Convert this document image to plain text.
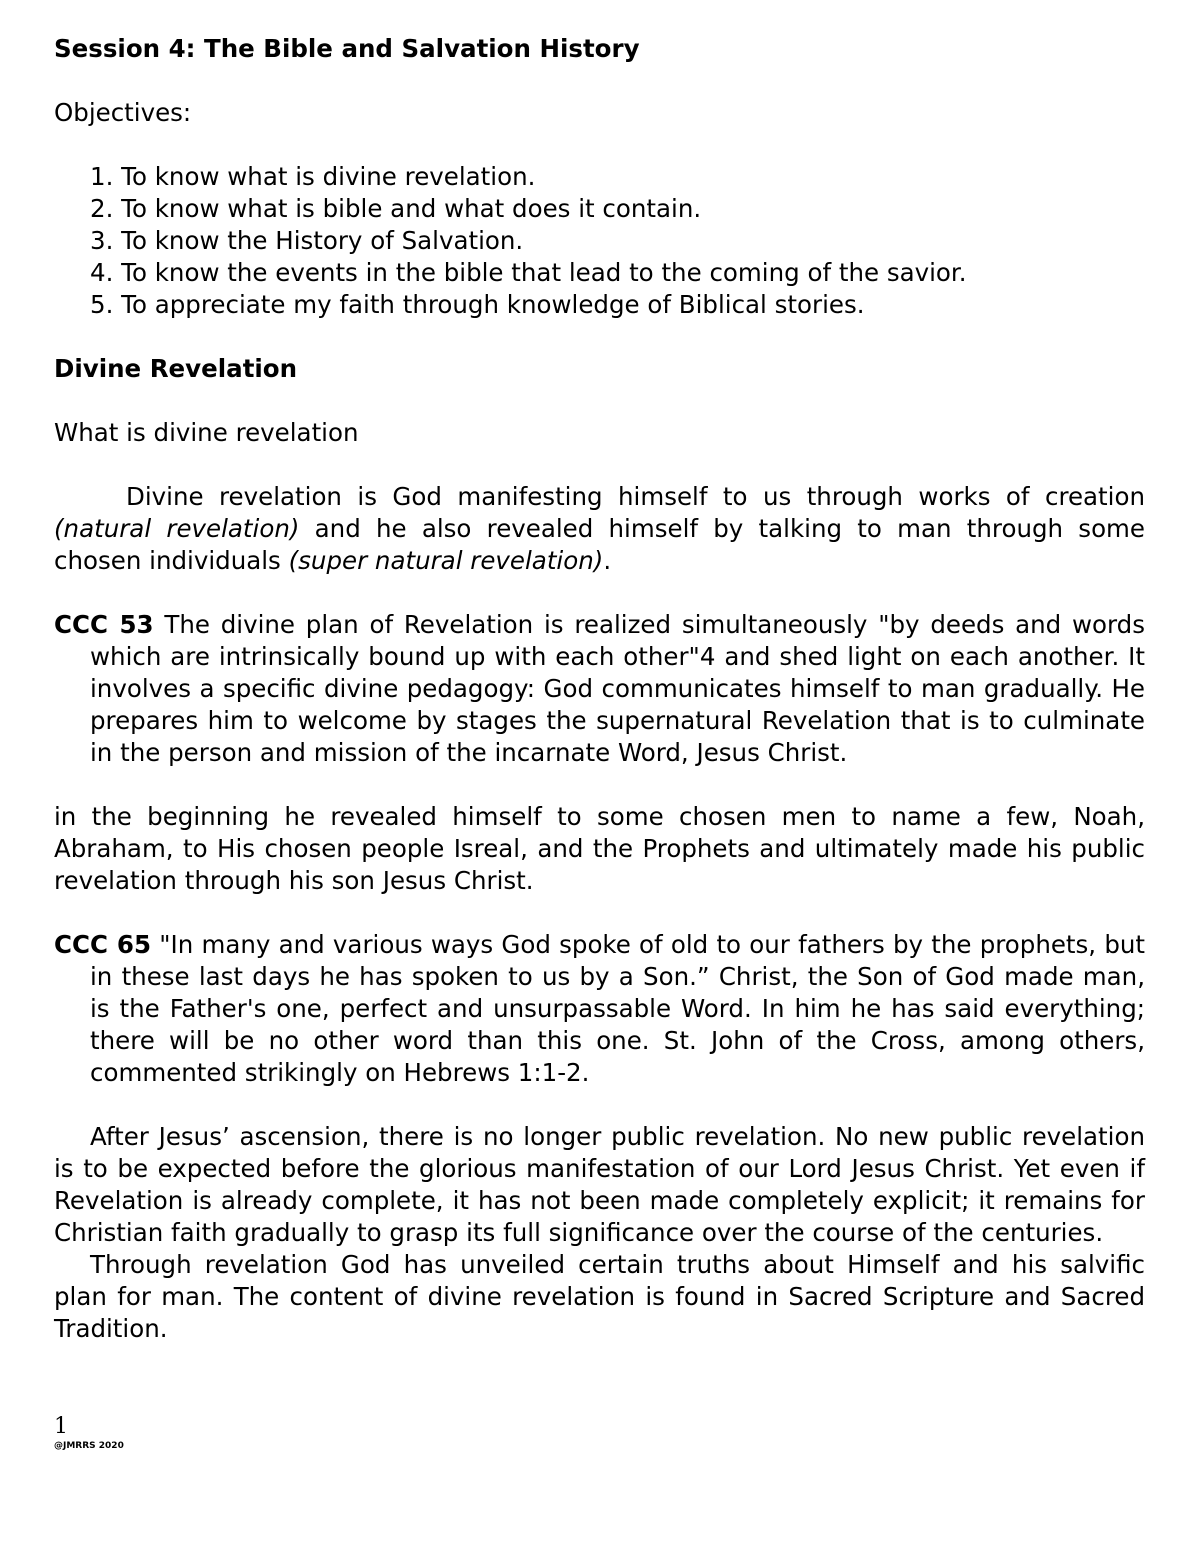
Session 4: The Bible and Salvation History

Objectives:

1. To know what is divine revelation.
2. To know what is bible and what does it contain.
3. To know the History of Salvation.
4. To know the events in the bible that lead to the coming of the savior.
5. To appreciate my faith through knowledge of Biblical stories.
Divine Revelation

What is divine revelation

Divine revelation is God manifesting himself to us through works of creation (natural revelation) and he also revealed himself by talking to man through some chosen individuals (super natural revelation).

CCC 53 The divine plan of Revelation is realized simultaneously "by deeds and words which are intrinsically bound up with each other"4 and shed light on each another. It involves a specific divine pedagogy: God communicates himself to man gradually. He prepares him to welcome by stages the supernatural Revelation that is to culminate in the person and mission of the incarnate Word, Jesus Christ.

in the beginning he revealed himself to some chosen men to name a few, Noah, Abraham, to His chosen people Isreal, and the Prophets and ultimately made his public revelation through his son Jesus Christ.

CCC 65 "In many and various ways God spoke of old to our fathers by the prophets, but in these last days he has spoken to us by a Son.” Christ, the Son of God made man, is the Father's one, perfect and unsurpassable Word. In him he has said everything; there will be no other word than this one. St. John of the Cross, among others, commented strikingly on Hebrews 1:1-2.

After Jesus’ ascension, there is no longer public revelation. No new public revelation is to be expected before the glorious manifestation of our Lord Jesus Christ. Yet even if Revelation is already complete, it has not been made completely explicit; it remains for Christian faith gradually to grasp its full significance over the course of the centuries.

Through revelation God has unveiled certain truths about Himself and his salvific plan for man. The content of divine revelation is found in Sacred Scripture and Sacred Tradition.

1
@JMRRS 2020
